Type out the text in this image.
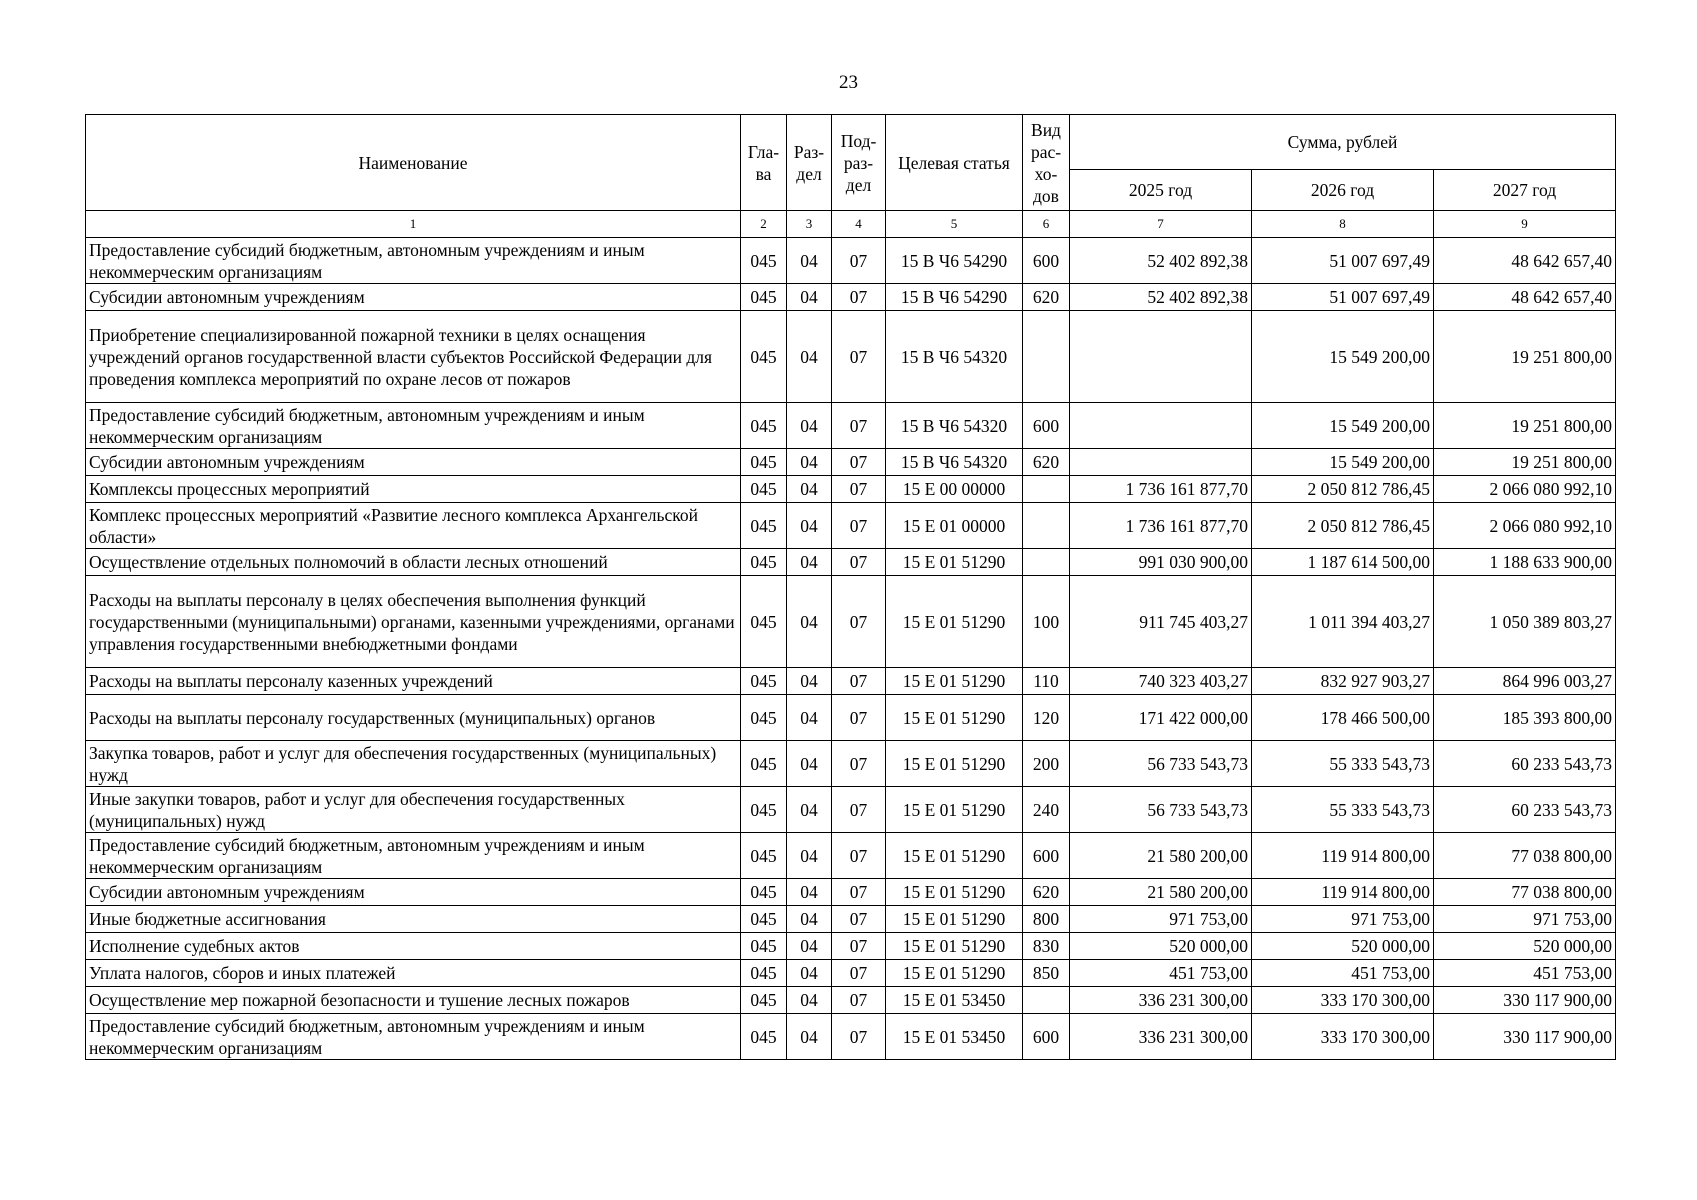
23
Наименование	Гла-ва	Раз-дел	Под-раз-дел	Целевая статья	Вид рас-хо-дов	Сумма, рублей		
						2025 год	2026 год	2027 год
1	2	3	4	5	6	7	8	9
Предоставление субсидий бюджетным, автономным учреждениям и иным некоммерческим организациям	045	04	07	15 В Ч6 54290	600	52 402 892,38	51 007 697,49	48 642 657,40
Субсидии автономным учреждениям	045	04	07	15 В Ч6 54290	620	52 402 892,38	51 007 697,49	48 642 657,40
Приобретение специализированной пожарной техники в целях оснащения учреждений органов государственной власти субъектов Российской Федерации для проведения комплекса мероприятий по охране лесов от пожаров	045	04	07	15 В Ч6 54320			15 549 200,00	19 251 800,00
Предоставление субсидий бюджетным, автономным учреждениям и иным некоммерческим организациям	045	04	07	15 В Ч6 54320	600		15 549 200,00	19 251 800,00
Субсидии автономным учреждениям	045	04	07	15 В Ч6 54320	620		15 549 200,00	19 251 800,00
Комплексы процессных мероприятий	045	04	07	15 Е 00 00000		1 736 161 877,70	2 050 812 786,45	2 066 080 992,10
Комплекс процессных мероприятий «Развитие лесного комплекса Архангельской области»	045	04	07	15 Е 01 00000		1 736 161 877,70	2 050 812 786,45	2 066 080 992,10
Осуществление отдельных полномочий в области лесных отношений	045	04	07	15 Е 01 51290		991 030 900,00	1 187 614 500,00	1 188 633 900,00
Расходы на выплаты персоналу в целях обеспечения выполнения функций государственными (муниципальными) органами, казенными учреждениями, органами управления государственными внебюджетными фондами	045	04	07	15 Е 01 51290	100	911 745 403,27	1 011 394 403,27	1 050 389 803,27
Расходы на выплаты персоналу казенных учреждений	045	04	07	15 Е 01 51290	110	740 323 403,27	832 927 903,27	864 996 003,27
Расходы на выплаты персоналу государственных (муниципальных) органов	045	04	07	15 Е 01 51290	120	171 422 000,00	178 466 500,00	185 393 800,00
Закупка товаров, работ и услуг для обеспечения государственных (муниципальных) нужд	045	04	07	15 Е 01 51290	200	56 733 543,73	55 333 543,73	60 233 543,73
Иные закупки товаров, работ и услуг для обеспечения государственных (муниципальных) нужд	045	04	07	15 Е 01 51290	240	56 733 543,73	55 333 543,73	60 233 543,73
Предоставление субсидий бюджетным, автономным учреждениям и иным некоммерческим организациям	045	04	07	15 Е 01 51290	600	21 580 200,00	119 914 800,00	77 038 800,00
Субсидии автономным учреждениям	045	04	07	15 Е 01 51290	620	21 580 200,00	119 914 800,00	77 038 800,00
Иные бюджетные ассигнования	045	04	07	15 Е 01 51290	800	971 753,00	971 753,00	971 753,00
Исполнение судебных актов	045	04	07	15 Е 01 51290	830	520 000,00	520 000,00	520 000,00
Уплата налогов, сборов и иных платежей	045	04	07	15 Е 01 51290	850	451 753,00	451 753,00	451 753,00
Осуществление мер пожарной безопасности и тушение лесных пожаров	045	04	07	15 Е 01 53450		336 231 300,00	333 170 300,00	330 117 900,00
Предоставление субсидий бюджетным, автономным учреждениям и иным некоммерческим организациям	045	04	07	15 Е 01 53450	600	336 231 300,00	333 170 300,00	330 117 900,00
